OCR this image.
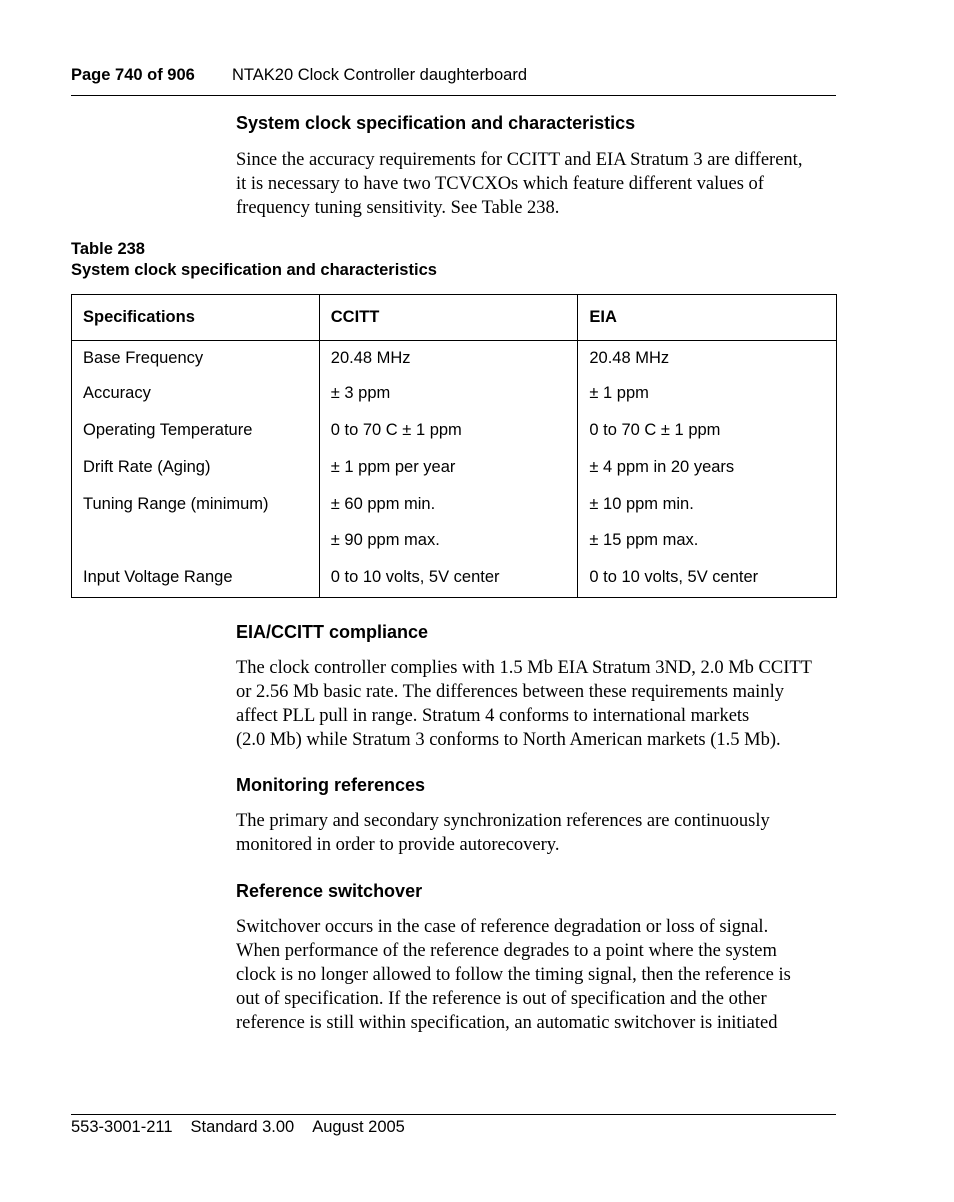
Page 740 of 906 NTAK20 Clock Controller daughterboard
System clock specification and characteristics
Since the accuracy requirements for CCITT and EIA Stratum 3 are different,
it is necessary to have two TCVCXOs which feature different values of
frequency tuning sensitivity. See Table 238.
Table 238
System clock specification and characteristics
Specifications	CCITT	EIA
Base Frequency	20.48 MHz	20.48 MHz
Accuracy	± 3 ppm	± 1 ppm
Operating Temperature	0 to 70 C ± 1 ppm	0 to 70 C ± 1 ppm
Drift Rate (Aging)	± 1 ppm per year	± 4 ppm in 20 years
Tuning Range (minimum)	± 60 ppm min.	± 10 ppm min.
	± 90 ppm max.	± 15 ppm max.
Input Voltage Range	0 to 10 volts, 5V center	0 to 10 volts, 5V center
EIA/CCITT compliance
The clock controller complies with 1.5 Mb EIA Stratum 3ND, 2.0 Mb CCITT
or 2.56 Mb basic rate. The differences between these requirements mainly
affect PLL pull in range. Stratum 4 conforms to international markets
(2.0 Mb) while Stratum 3 conforms to North American markets (1.5 Mb).
Monitoring references
The primary and secondary synchronization references are continuously
monitored in order to provide autorecovery.
Reference switchover
Switchover occurs in the case of reference degradation or loss of signal.
When performance of the reference degrades to a point where the system
clock is no longer allowed to follow the timing signal, then the reference is
out of specification. If the reference is out of specification and the other
reference is still within specification, an automatic switchover is initiated
553-3001-211 Standard 3.00 August 2005
